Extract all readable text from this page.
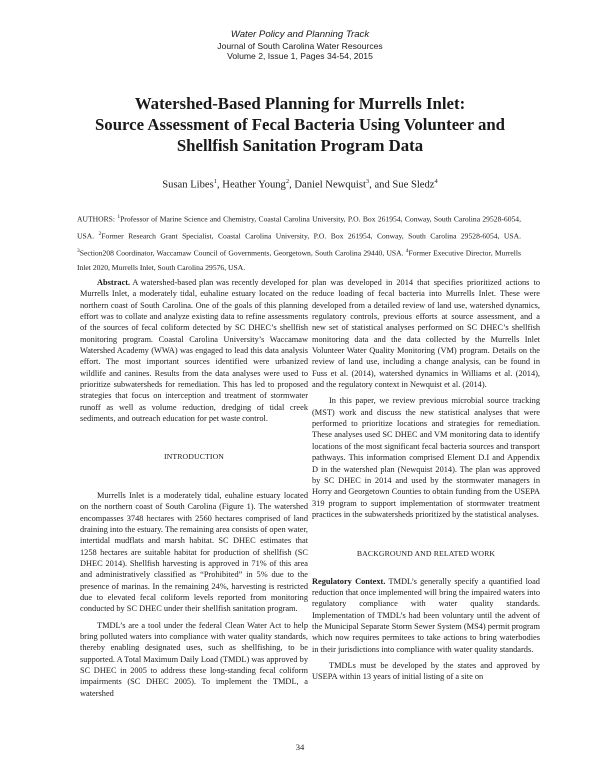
Water Policy and Planning Track
Journal of South Carolina Water Resources
Volume 2, Issue 1, Pages 34-54, 2015
Watershed-Based Planning for Murrells Inlet:
Source Assessment of Fecal Bacteria Using Volunteer and
Shellfish Sanitation Program Data
Susan Libes$^1$, Heather Young$^2$, Daniel Newquist$^3$, and Sue Sledz$^4$
AUTHORS: $^1$Professor of Marine Science and Chemistry, Coastal Carolina University, P.O. Box 261954, Conway, South Carolina 29528-6054, USA. $^2$Former Research Grant Specialist, Coastal Carolina University, P.O. Box 261954, Conway, South Carolina 29528-6054, USA. $^3$Section208 Coordinator, Waccamaw Council of Governments, Georgetown, South Carolina 29440, USA. $^4$Former Executive Director, Murrells Inlet 2020, Murrells Inlet, South Carolina 29576, USA.

Abstract. A watershed-based plan was recently developed for Murrells Inlet, a moderately tidal, euhaline estuary located on the northern coast of South Carolina. One of the goals of this planning effort was to collate and analyze existing data to refine assessments of the sources of fecal coliform detected by SC DHEC’s shellfish monitoring program. Coastal Carolina University’s Waccamaw Watershed Academy (WWA) was engaged to lead this data analysis effort. The most important sources identified were urbanized wildlife and canines. Results from the data analyses were used to prioritize subwatersheds for remediation. This has led to proposed strategies that focus on interception and treatment of stormwater runoff as well as volume reduction, dredging of tidal creek sediments, and outreach education for pet waste control.

INTRODUCTION

Murrells Inlet is a moderately tidal, euhaline estuary located on the northern coast of South Carolina (Figure 1). The watershed encompasses 3748 hectares with 2560 hectares comprised of land draining into the estuary. The remaining area consists of open water, intertidal mudflats and marsh habitat. SC DHEC estimates that 1258 hectares are suitable habitat for production of shellfish (SC DHEC 2014). Shellfish harvesting is approved in 71% of this area and administratively classified as “Prohibited” in 5% due to the presence of marinas. In the remaining 24%, harvesting is restricted due to elevated fecal coliform levels reported from monitoring conducted by SC DHEC under their shellfish sanitation program.

TMDL’s are a tool under the federal Clean Water Act to help bring polluted waters into compliance with water quality standards, thereby enabling designated uses, such as shellfishing, to be supported. A Total Maximum Daily Load (TMDL) was approved by SC DHEC in 2005 to address these long-standing fecal coliform impairments (SC DHEC 2005). To implement the TMDL, a watershed

plan was developed in 2014 that specifies prioritized actions to reduce loading of fecal bacteria into Murrells Inlet. These were developed from a detailed review of land use, watershed dynamics, regulatory controls, previous efforts at source assessment, and a new set of statistical analyses performed on SC DHEC’s shellfish monitoring data and the data collected by the Murrells Inlet Volunteer Water Quality Monitoring (VM) program. Details on the review of land use, including a change analysis, can be found in Fuss et al. (2014), watershed dynamics in Williams et al. (2014), and the regulatory context in Newquist et al. (2014).

In this paper, we review previous microbial source tracking (MST) work and discuss the new statistical analyses that were performed to prioritize locations and strategies for remediation. These analyses used SC DHEC and VM monitoring data to identify locations of the most significant fecal bacteria sources and transport pathways. This information comprised Element D.I and Appendix D in the watershed plan (Newquist 2014). The plan was approved by SC DHEC in 2014 and used by the stormwater managers in Horry and Georgetown Counties to obtain funding from the USEPA 319 program to support implementation of stormwater treatment practices in the subwatersheds prioritized by the statistical analyses.

BACKGROUND AND RELATED WORK

Regulatory Context. TMDL’s generally specify a quantified load reduction that once implemented will bring the impaired waters into regulatory compliance with water quality standards. Implementation of TMDL’s had been voluntary until the advent of the Municipal Separate Storm Sewer System (MS4) permit program which now requires permitees to take actions to bring waterbodies in their jurisdictions into compliance with water quality standards.

TMDLs must be developed by the states and approved by USEPA within 13 years of initial listing of a site on

34
